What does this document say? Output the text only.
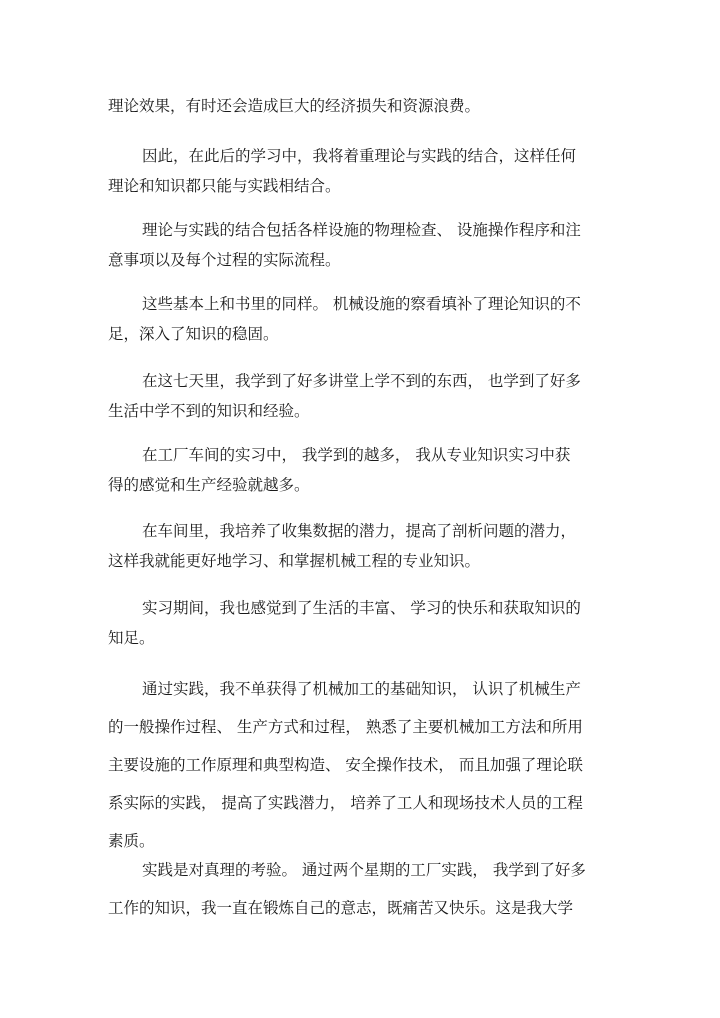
理论效果，有时还会造成巨大的经济损失和资源浪费。
因此，在此后的学习中，我将着重理论与实践的结合，这样任何
理论和知识都只能与实践相结合。
理论与实践的结合包括各样设施的物理检查、 设施操作程序和注
意事项以及每个过程的实际流程。
这些基本上和书里的同样。 机械设施的察看填补了理论知识的不
足，深入了知识的稳固。
在这七天里，我学到了好多讲堂上学不到的东西， 也学到了好多
生活中学不到的知识和经验。
在工厂车间的实习中， 我学到的越多， 我从专业知识实习中获
得的感觉和生产经验就越多。
在车间里，我培养了收集数据的潜力，提高了剖析问题的潜力，
这样我就能更好地学习、和掌握机械工程的专业知识。
实习期间，我也感觉到了生活的丰富、 学习的快乐和获取知识的
知足。
通过实践，我不单获得了机械加工的基础知识， 认识了机械生产
的一般操作过程、 生产方式和过程， 熟悉了主要机械加工方法和所用
主要设施的工作原理和典型构造、 安全操作技术， 而且加强了理论联
系实际的实践， 提高了实践潜力， 培养了工人和现场技术人员的工程
素质。
实践是对真理的考验。 通过两个星期的工厂实践， 我学到了好多
工作的知识，我一直在锻炼自己的意志，既痛苦又快乐。这是我大学
